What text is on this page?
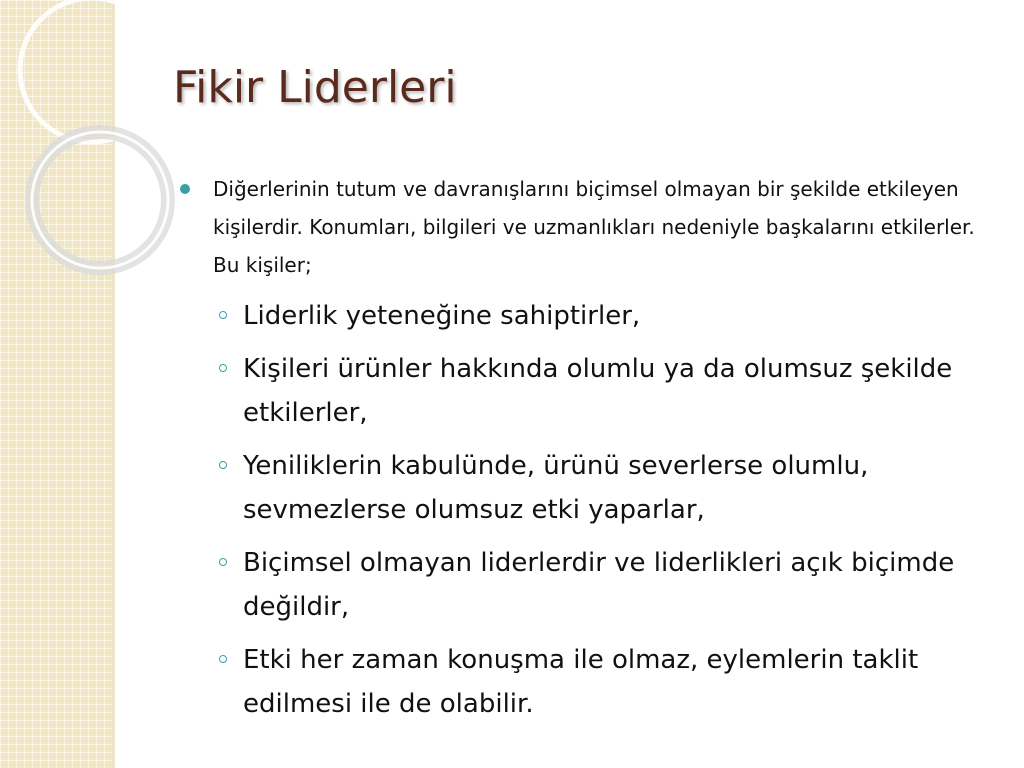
Fikir Liderleri

Diğerlerinin tutum ve davranışlarını biçimsel olmayan bir şekilde etkileyen kişilerdir. Konumları, bilgileri ve uzmanlıkları nedeniyle başkalarını etkilerler. Bu kişiler;

Liderlik yeteneğine sahiptirler,
Kişileri ürünler hakkında olumlu ya da olumsuz şekilde etkilerler,
Yeniliklerin kabulünde, ürünü severlerse olumlu, sevmezlerse olumsuz etki yaparlar,
Biçimsel olmayan liderlerdir ve liderlikleri açık biçimde değildir,
Etki her zaman konuşma ile olmaz, eylemlerin taklit edilmesi ile de olabilir.
